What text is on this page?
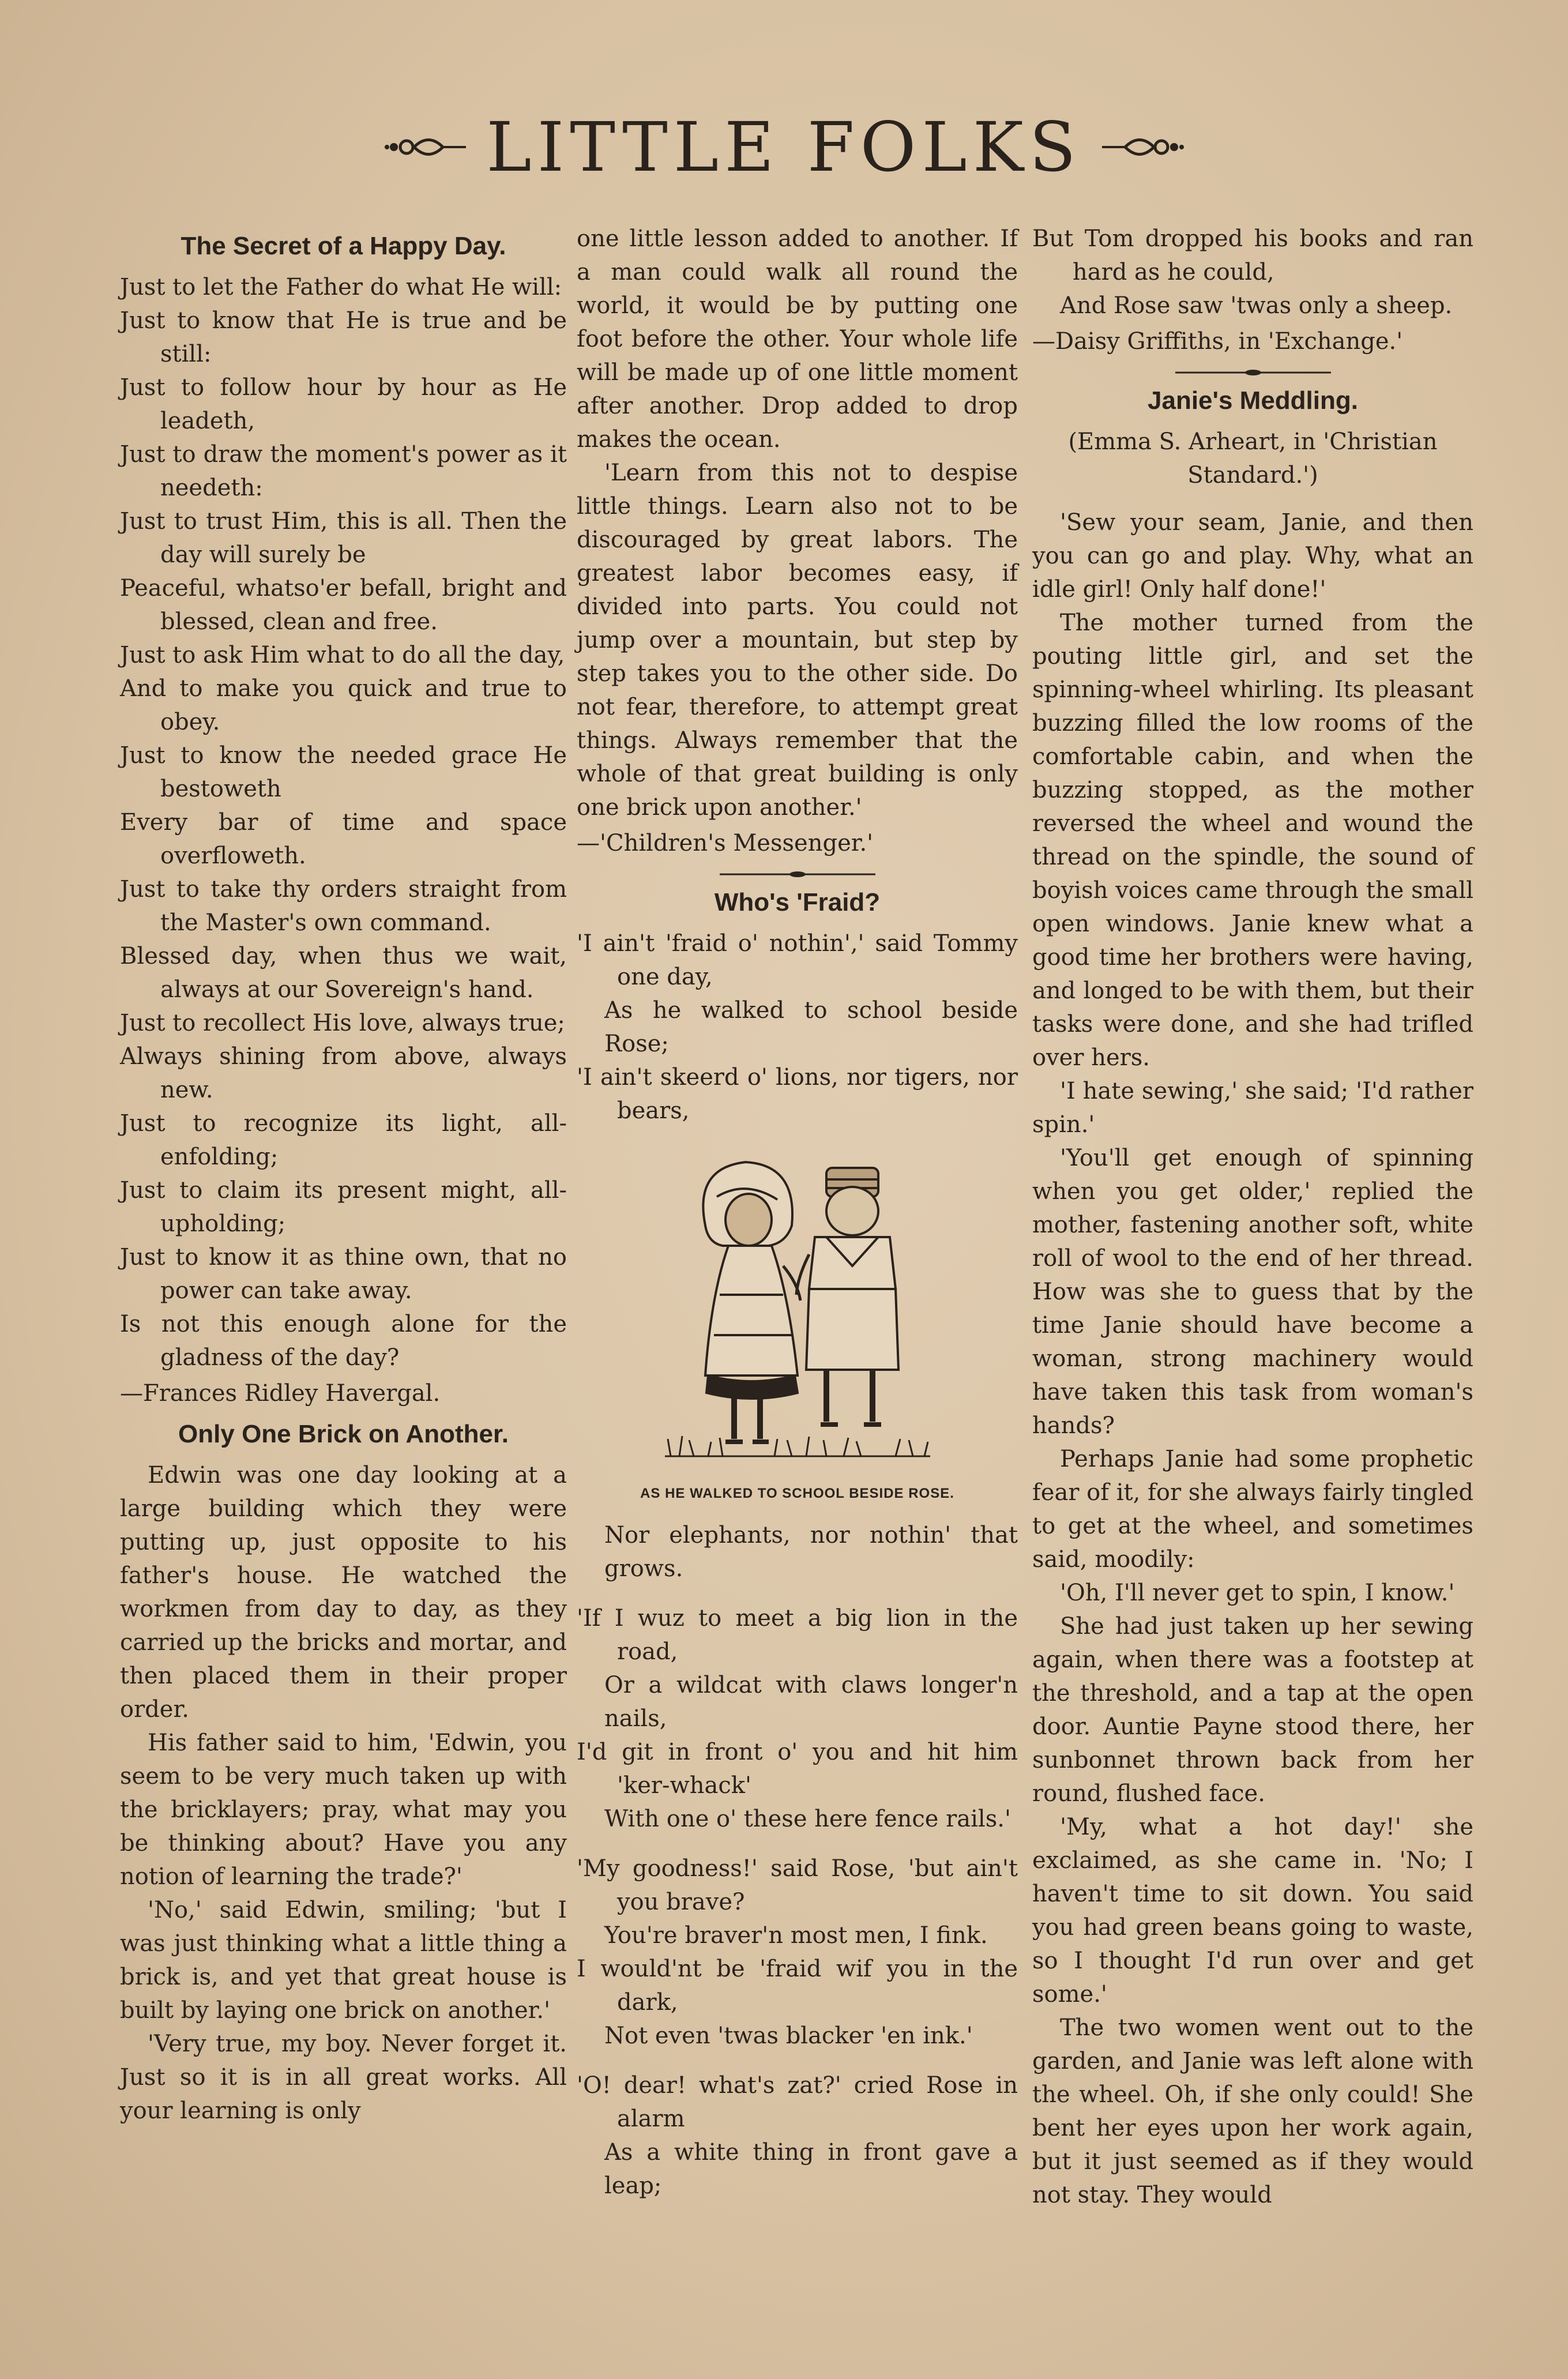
LITTLE FOLKS
The Secret of a Happy Day.

Just to let the Father do what He will:

Just to know that He is true and be still:

Just to follow hour by hour as He leadeth,

Just to draw the moment's power as it needeth:

Just to trust Him, this is all. Then the day will surely be

Peaceful, whatso'er befall, bright and blessed, clean and free.

Just to ask Him what to do all the day,

And to make you quick and true to obey.

Just to know the needed grace He bestoweth

Every bar of time and space overfloweth.

Just to take thy orders straight from the Master's own command.

Blessed day, when thus we wait, always at our Sovereign's hand.

Just to recollect His love, always true;

Always shining from above, always new.

Just to recognize its light, all-enfolding;

Just to claim its present might, all-upholding;

Just to know it as thine own, that no power can take away.

Is not this enough alone for the gladness of the day?

—Frances Ridley Havergal.

Only One Brick on Another.

Edwin was one day looking at a large building which they were putting up, just opposite to his father's house. He watched the workmen from day to day, as they carried up the bricks and mortar, and then placed them in their proper order.

His father said to him, 'Edwin, you seem to be very much taken up with the bricklayers; pray, what may you be thinking about? Have you any notion of learning the trade?'

'No,' said Edwin, smiling; 'but I was just thinking what a little thing a brick is, and yet that great house is built by laying one brick on another.'

'Very true, my boy. Never forget it. Just so it is in all great works. All your learning is only

one little lesson added to another. If a man could walk all round the world, it would be by putting one foot before the other. Your whole life will be made up of one little moment after another. Drop added to drop makes the ocean.

'Learn from this not to despise little things. Learn also not to be discouraged by great labors. The greatest labor becomes easy, if divided into parts. You could not jump over a mountain, but step by step takes you to the other side. Do not fear, therefore, to attempt great things. Always remember that the whole of that great building is only one brick upon another.'

—'Children's Messenger.'

Who's 'Fraid?

'I ain't 'fraid o' nothin',' said Tommy one day,

As he walked to school beside Rose;

'I ain't skeerd o' lions, nor tigers, nor bears,

AS HE WALKED TO SCHOOL BESIDE ROSE.

Nor elephants, nor nothin' that grows.

'If I wuz to meet a big lion in the road,

Or a wildcat with claws longer'n nails,

I'd git in front o' you and hit him 'ker-whack'

With one o' these here fence rails.'

'My goodness!' said Rose, 'but ain't you brave?

You're braver'n most men, I fink.

I would'nt be 'fraid wif you in the dark,

Not even 'twas blacker 'en ink.'

'O! dear! what's zat?' cried Rose in alarm

As a white thing in front gave a leap;

But Tom dropped his books and ran hard as he could,

And Rose saw 'twas only a sheep.

—Daisy Griffiths, in 'Exchange.'

Janie's Meddling.

(Emma S. Arheart, in 'Christian Standard.')

'Sew your seam, Janie, and then you can go and play. Why, what an idle girl! Only half done!'

The mother turned from the pouting little girl, and set the spinning-wheel whirling. Its pleasant buzzing filled the low rooms of the comfortable cabin, and when the buzzing stopped, as the mother reversed the wheel and wound the thread on the spindle, the sound of boyish voices came through the small open windows. Janie knew what a good time her brothers were having, and longed to be with them, but their tasks were done, and she had trifled over hers.

'I hate sewing,' she said; 'I'd rather spin.'

'You'll get enough of spinning when you get older,' replied the mother, fastening another soft, white roll of wool to the end of her thread. How was she to guess that by the time Janie should have become a woman, strong machinery would have taken this task from woman's hands?

Perhaps Janie had some prophetic fear of it, for she always fairly tingled to get at the wheel, and sometimes said, moodily:

'Oh, I'll never get to spin, I know.'

She had just taken up her sewing again, when there was a footstep at the threshold, and a tap at the open door. Auntie Payne stood there, her sunbonnet thrown back from her round, flushed face.

'My, what a hot day!' she exclaimed, as she came in. 'No; I haven't time to sit down. You said you had green beans going to waste, so I thought I'd run over and get some.'

The two women went out to the garden, and Janie was left alone with the wheel. Oh, if she only could! She bent her eyes upon her work again, but it just seemed as if they would not stay. They would
